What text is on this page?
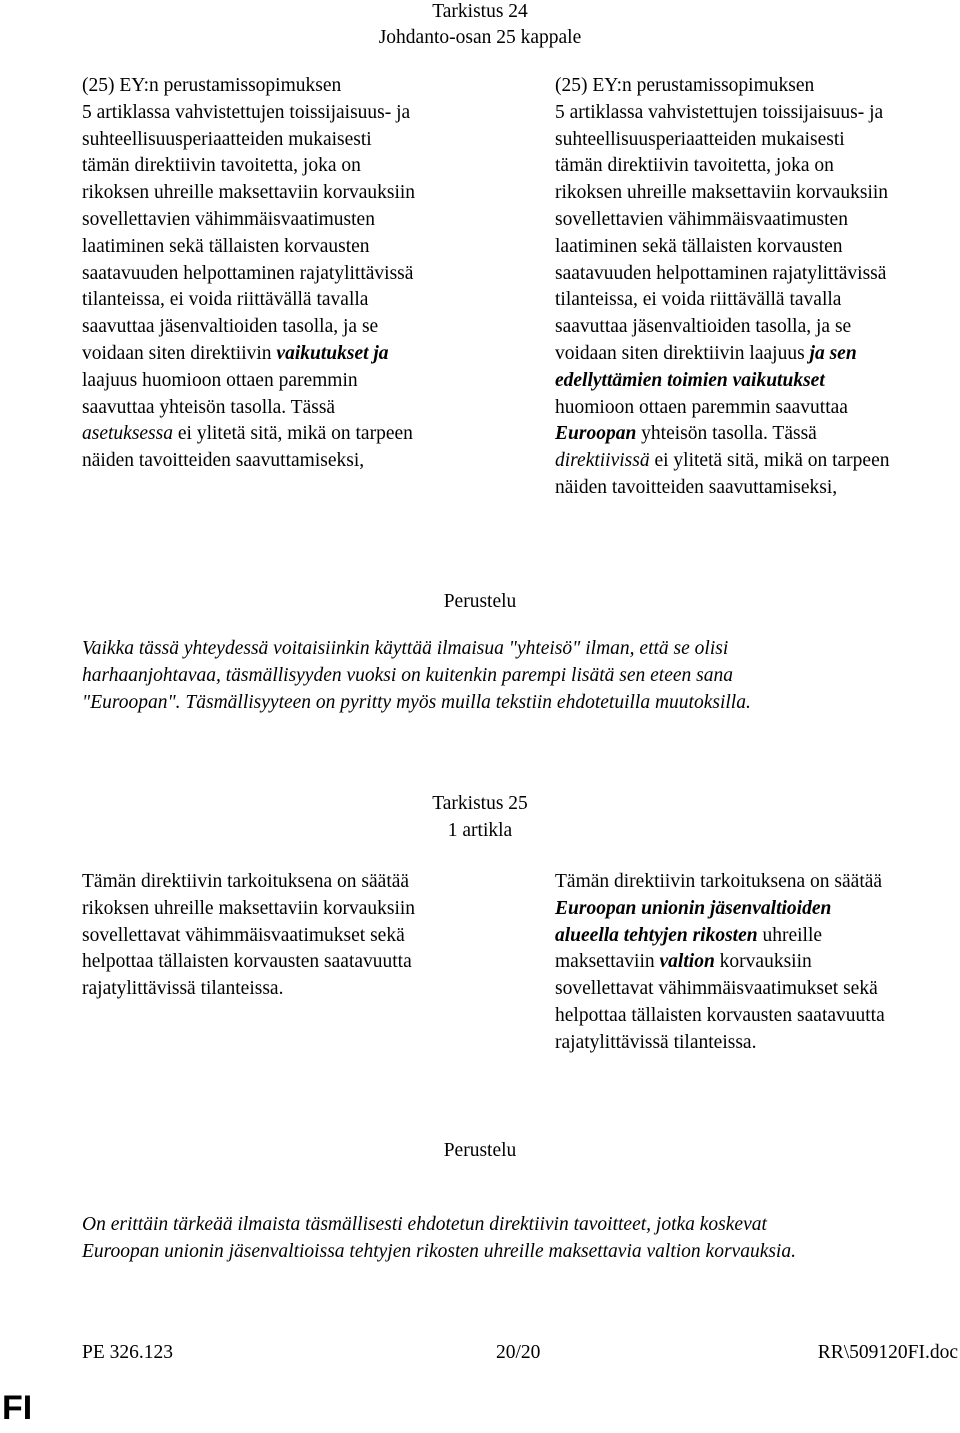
Tarkistus 24
Johdanto-osan 25 kappale
(25) EY:n perustamissopimuksen
5 artiklassa vahvistettujen toissijaisuus- ja
suhteellisuusperiaatteiden mukaisesti
tämän direktiivin tavoitetta, joka on
rikoksen uhreille maksettaviin korvauksiin
sovellettavien vähimmäisvaatimusten
laatiminen sekä tällaisten korvausten
saatavuuden helpottaminen rajatylittävissä
tilanteissa, ei voida riittävällä tavalla
saavuttaa jäsenvaltioiden tasolla, ja se
voidaan siten direktiivin vaikutukset ja
laajuus huomioon ottaen paremmin
saavuttaa yhteisön tasolla. Tässä
asetuksessa ei ylitetä sitä, mikä on tarpeen
näiden tavoitteiden saavuttamiseksi,
(25) EY:n perustamissopimuksen
5 artiklassa vahvistettujen toissijaisuus- ja
suhteellisuusperiaatteiden mukaisesti
tämän direktiivin tavoitetta, joka on
rikoksen uhreille maksettaviin korvauksiin
sovellettavien vähimmäisvaatimusten
laatiminen sekä tällaisten korvausten
saatavuuden helpottaminen rajatylittävissä
tilanteissa, ei voida riittävällä tavalla
saavuttaa jäsenvaltioiden tasolla, ja se
voidaan siten direktiivin laajuus ja sen
edellyttämien toimien vaikutukset
huomioon ottaen paremmin saavuttaa
Euroopan yhteisön tasolla. Tässä
direktiivissä ei ylitetä sitä, mikä on tarpeen
näiden tavoitteiden saavuttamiseksi,
Perustelu
Vaikka tässä yhteydessä voitaisiinkin käyttää ilmaisua "yhteisö" ilman, että se olisi
harhaanjohtavaa, täsmällisyyden vuoksi on kuitenkin parempi lisätä sen eteen sana
"Euroopan". Täsmällisyyteen on pyritty myös muilla tekstiin ehdotetuilla muutoksilla.
Tarkistus 25
1 artikla
Tämän direktiivin tarkoituksena on säätää
rikoksen uhreille maksettaviin korvauksiin
sovellettavat vähimmäisvaatimukset sekä
helpottaa tällaisten korvausten saatavuutta
rajatylittävissä tilanteissa.
Tämän direktiivin tarkoituksena on säätää
Euroopan unionin jäsenvaltioiden
alueella tehtyjen rikosten uhreille
maksettaviin valtion korvauksiin
sovellettavat vähimmäisvaatimukset sekä
helpottaa tällaisten korvausten saatavuutta
rajatylittävissä tilanteissa.
Perustelu
On erittäin tärkeää ilmaista täsmällisesti ehdotetun direktiivin tavoitteet, jotka koskevat
Euroopan unionin jäsenvaltioissa tehtyjen rikosten uhreille maksettavia valtion korvauksia.
PE 326.123	20/20	RR\509120FI.doc
FI
